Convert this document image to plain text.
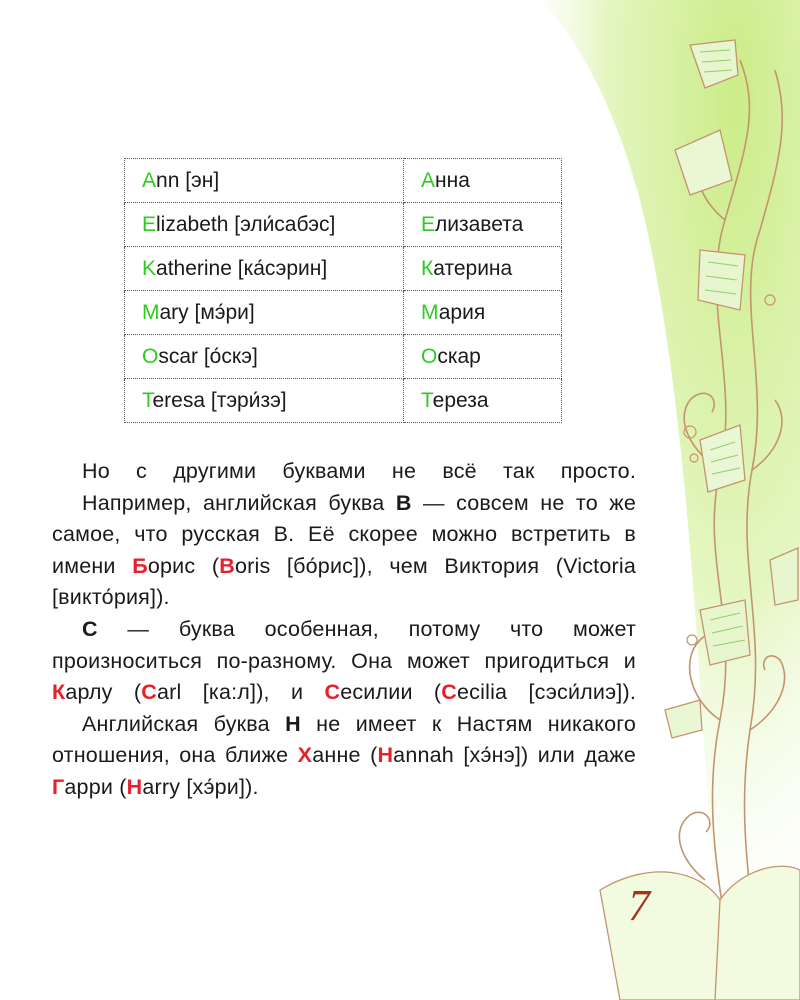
Ann [эн]	Анна
Elizabeth [эли́сабэс]	Елизавета
Katherine [ка́сэрин]	Катерина
Mary [мэ́ри]	Мария
Oscar [о́скэ]	Оскар
Teresa [тэри́зэ]	Тереза

Но с другими буквами не всё так просто.

Например, английская буква B — совсем не то же самое, что русская В. Её скорее можно встретить в имени Борис (Boris [бо́рис]), чем Виктория (Victoria [викто́рия]).

C — буква особенная, потому что может произноситься по-разному. Она может пригодиться и Карлу (Carl [ка:л]), и Сесилии (Cecilia [сэси́лиэ]).

Английская буква H не имеет к Настям никакого отношения, она ближе Ханне (Hannah [хэ́нэ]) или даже Гарри (Harry [хэ́ри]).

7
